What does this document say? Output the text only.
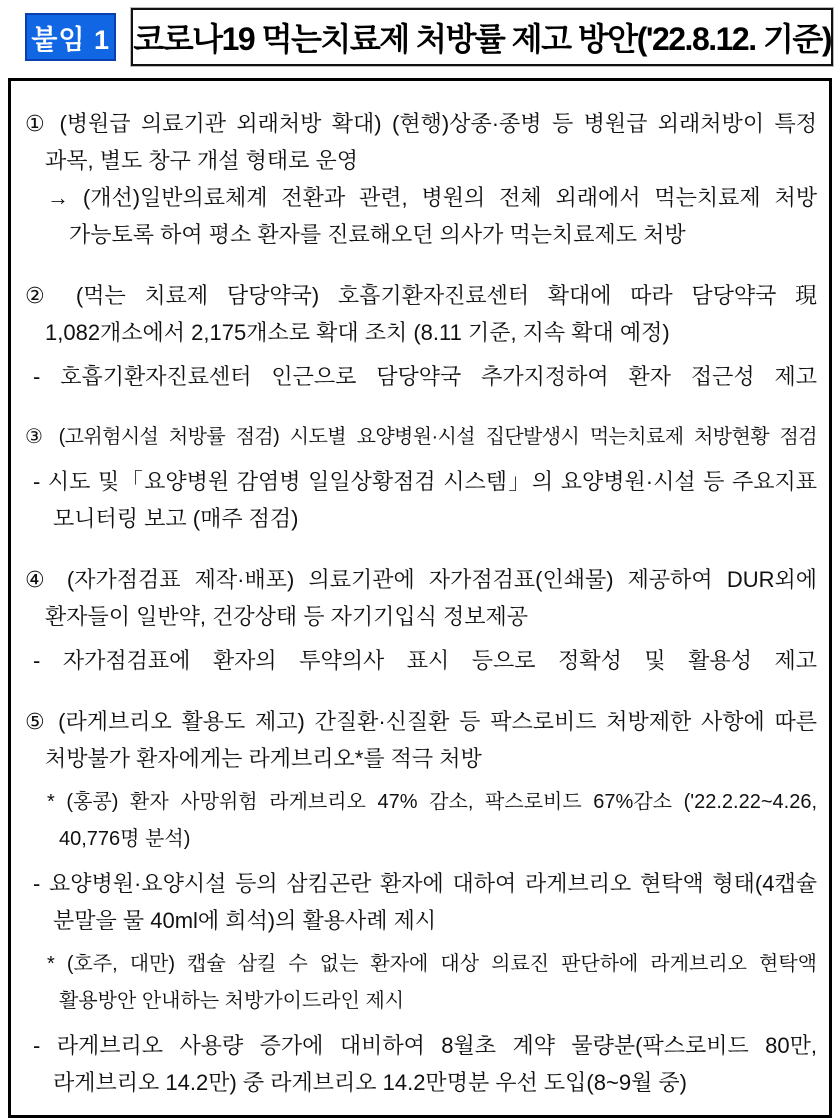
붙임 1 코로나19 먹는치료제 처방률 제고 방안('22.8.12. 기준)
① (병원급 의료기관 외래처방 확대) (현행)상종·종병 등 병원급 외래처방이 특정
과목, 별도 창구 개설 형태로 운영
→ (개선)일반의료체계 전환과 관련, 병원의 전체 외래에서 먹는치료제 처방
가능토록 하여 평소 환자를 진료해오던 의사가 먹는치료제도 처방
② (먹는 치료제 담당약국) 호흡기환자진료센터 확대에 따라 담당약국 現
1,082개소에서 2,175개소로 확대 조치 (8.11 기준, 지속 확대 예정)
- 호흡기환자진료센터 인근으로 담당약국 추가지정하여 환자 접근성 제고
③ (고위험시설 처방률 점검) 시도별 요양병원·시설 집단발생시 먹는치료제 처방현황 점검
- 시도 및「요양병원 감염병 일일상황점검 시스템」의 요양병원·시설 등 주요지표
모니터링 보고 (매주 점검)
④ (자가점검표 제작·배포) 의료기관에 자가점검표(인쇄물) 제공하여 DUR외에
환자들이 일반약, 건강상태 등 자기기입식 정보제공
- 자가점검표에 환자의 투약의사 표시 등으로 정확성 및 활용성 제고
⑤ (라게브리오 활용도 제고) 간질환·신질환 등 팍스로비드 처방제한 사항에 따른
처방불가 환자에게는 라게브리오*를 적극 처방
* (홍콩) 환자 사망위험 라게브리오 47% 감소, 팍스로비드 67%감소 ('22.2.22~4.26,
40,776명 분석)
- 요양병원·요양시설 등의 삼킴곤란 환자에 대하여 라게브리오 현탁액 형태(4캡슐
분말을 물 40ml에 희석)의 활용사례 제시
* (호주, 대만) 캡슐 삼킬 수 없는 환자에 대상 의료진 판단하에 라게브리오 현탁액
활용방안 안내하는 처방가이드라인 제시
- 라게브리오 사용량 증가에 대비하여 8월초 계약 물량분(팍스로비드 80만,
라게브리오 14.2만) 중 라게브리오 14.2만명분 우선 도입(8~9월 중)
